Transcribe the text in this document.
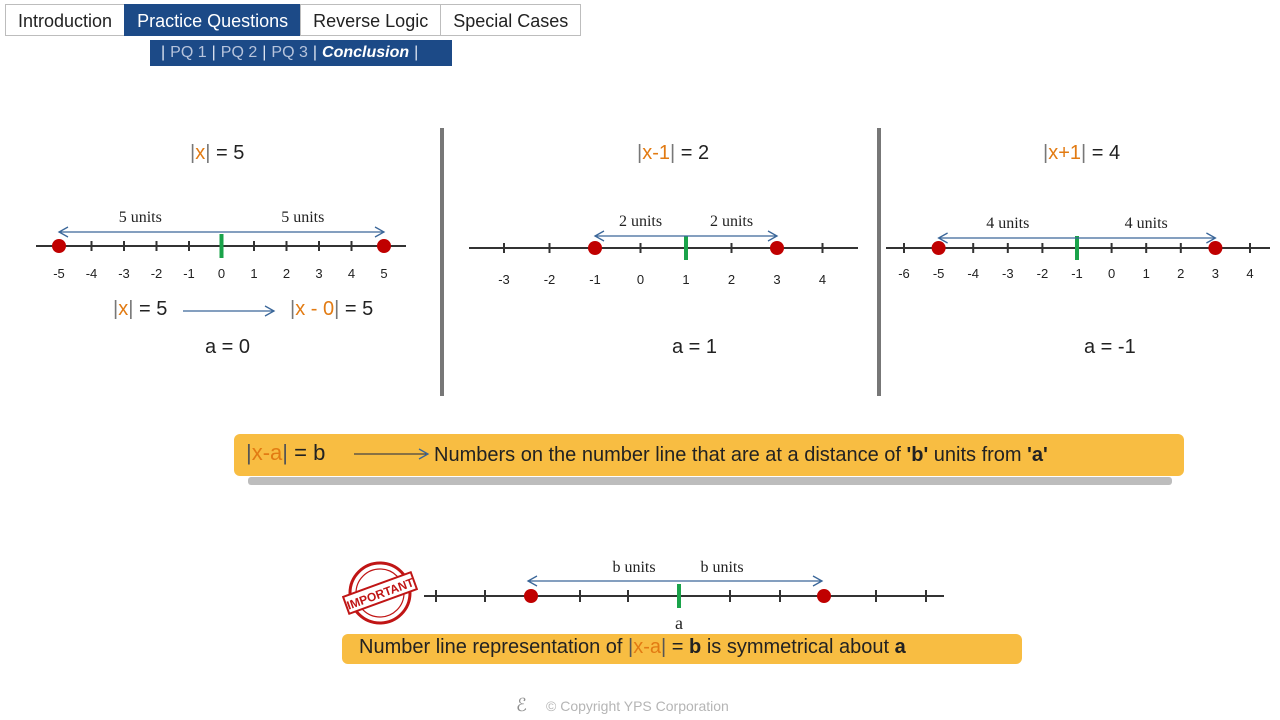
Introduction	Practice Questions	Reverse Logic	Special Cases
| PQ 1 | PQ 2 | PQ 3 | Conclusion |
|x| = 5	|x-1| = 2	|x+1| = 4
|x| = 5	|x - 0| = 5
a = 0	a = 1	a = -1
|x-a| = b	Numbers on the number line that are at a distance of 'b' units from 'a'
Number line representation of |x-a| = b is symmetrical about a
IMPORTANT
-5 -4 -3 -2 -1 0 1 2 3 4 5
5 units	5 units
-3	-2	-1	0	1	2	3	4
2 units	2 units
-6 -5 -4 -3 -2 -1 0 1 2 3 4
4 units	4 units
b units	b units
a
ℰ © Copyright YPS Corporation
